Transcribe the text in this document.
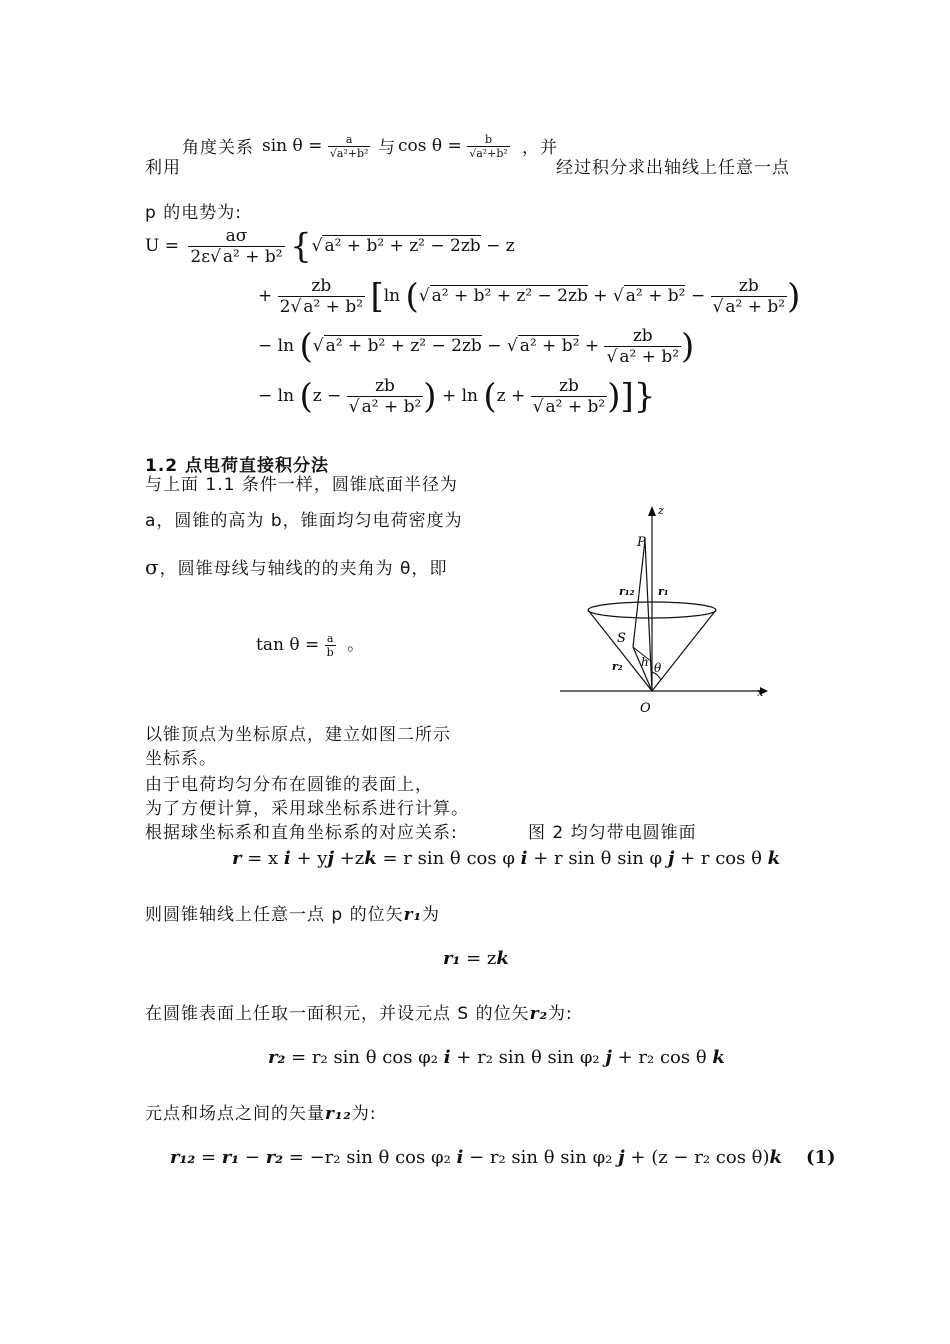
角度关系 $\sin \theta = \frac{a}{\text{√a²+b²}}$ 与 $\cos \theta = \frac{b}{\text{√a²+b²}}$ ，并
利用	经过积分求出轴线上任意一点
p 的电势为:
$U = \frac{a\sigma}{\text{2ε√ a² + b²}}$ {√ a² + b² + z² − 2zb − z
+ $\frac{zb}{\text{2√ a² + b²}} [\ln$ (√ a² + b² + z² − 2zb + √ $a^2 + b^2 - \frac{zb}{\text{√ a² + b²}}$ )
− ln (√ a² + b² + z² − 2zb − √ $a^2 + b^2 + \frac{zb}{\text{√ a² + b²}}$ )
− $\ln (z - \frac{zb}{\text{√ a² + b²}}$ ) + $\ln (z + \frac{zb}{\text{√ a² + b²}}$ )]}
1.2 点电荷直接积分法
与上面 1.1 条件一样，圆锥底面半径为
a，圆锥的高为 b，锥面均匀电荷密度为
σ，圆锥母线与轴线的的夹角为 θ，即
$\tan \theta = \frac{a}{b}$ 。
以锥顶点为坐标原点，建立如图二所示
坐标系。
由于电荷均匀分布在圆锥的表面上，
为了方便计算，采用球坐标系进行计算。
根据球坐标系和直角坐标系的对应关系:	图 2 均匀带电圆锥面
z
x
P
O
S
r₁₂ r₁
r₂ h θ
r = x i + yj +zk = r sin θ cos φ i + r sin θ sin φ j + r cos θ k
则圆锥轴线上任意一点 p 的位矢r₁为
r₁ = zk
在圆锥表面上任取一面积元，并设元点 S 的位矢r₂为:
r₂ = r₂ sin θ cos φ₂ i + r₂ sin θ sin φ₂ j + r₂ cos θ k
元点和场点之间的矢量r₁₂为:
r₁₂ = r₁ − r₂ = −r₂ sin θ cos φ₂ i − r₂ sin θ sin φ₂ j + (z − r₂ cos θ)k (1)
